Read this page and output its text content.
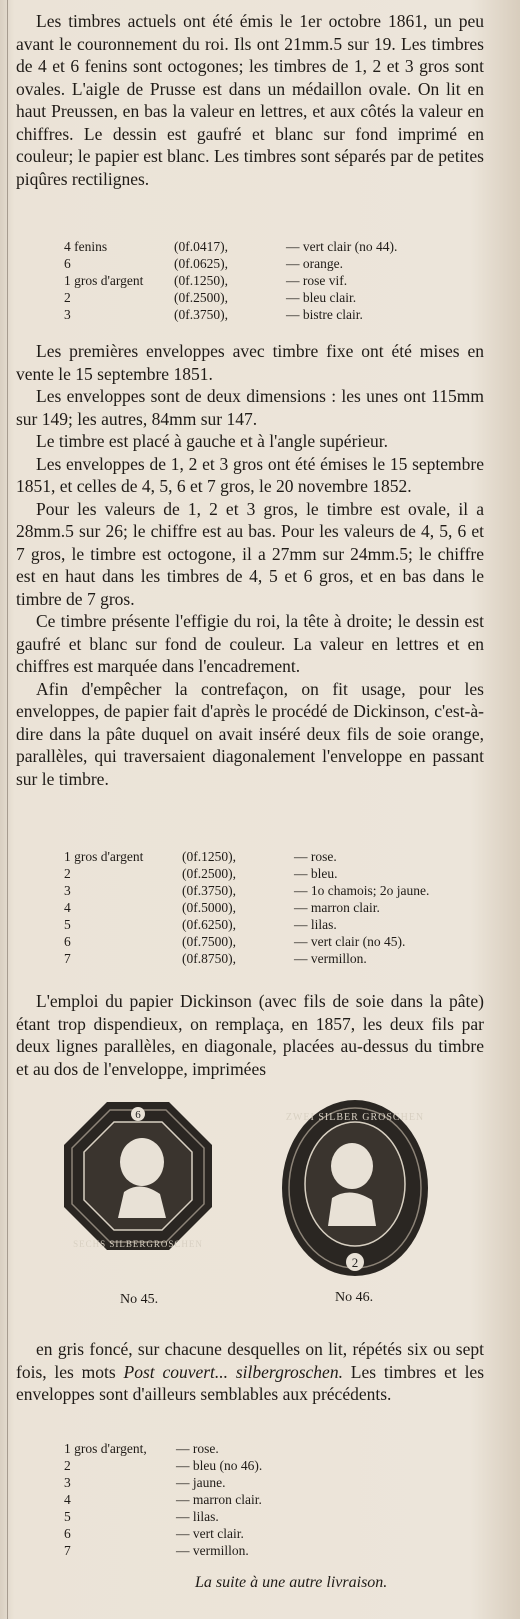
Les timbres actuels ont été émis le 1er octobre 1861, un peu avant le couronnement du roi. Ils ont 21mm.5 sur 19. Les timbres de 4 et 6 fenins sont octogones; les timbres de 1, 2 et 3 gros sont ovales. L'aigle de Prusse est dans un médaillon ovale. On lit en haut Preussen, en bas la valeur en lettres, et aux côtés la valeur en chiffres. Le dessin est gaufré et blanc sur fond imprimé en couleur; le papier est blanc. Les timbres sont séparés par de petites piqûres rectilignes.

4 fenins	(0f.0417),	— vert clair (no 44).
6	(0f.0625),	— orange.
1 gros d'argent	(0f.1250),	— rose vif.
2	(0f.2500),	— bleu clair.
3	(0f.3750),	— bistre clair.

Les premières enveloppes avec timbre fixe ont été mises en vente le 15 septembre 1851.

Les enveloppes sont de deux dimensions : les unes ont 115mm sur 149; les autres, 84mm sur 147.

Le timbre est placé à gauche et à l'angle supérieur.

Les enveloppes de 1, 2 et 3 gros ont été émises le 15 septembre 1851, et celles de 4, 5, 6 et 7 gros, le 20 novembre 1852.

Pour les valeurs de 1, 2 et 3 gros, le timbre est ovale, il a 28mm.5 sur 26; le chiffre est au bas. Pour les valeurs de 4, 5, 6 et 7 gros, le timbre est octogone, il a 27mm sur 24mm.5; le chiffre est en haut dans les timbres de 4, 5 et 6 gros, et en bas dans le timbre de 7 gros.

Ce timbre présente l'effigie du roi, la tête à droite; le dessin est gaufré et blanc sur fond de couleur. La valeur en lettres et en chiffres est marquée dans l'encadrement.

Afin d'empêcher la contrefaçon, on fit usage, pour les enveloppes, de papier fait d'après le procédé de Dickinson, c'est-à-dire dans la pâte duquel on avait inséré deux fils de soie orange, parallèles, qui traversaient diagonalement l'enveloppe en passant sur le timbre.

1 gros d'argent	(0f.1250),	— rose.
2	(0f.2500),	— bleu.
3	(0f.3750),	— 1o chamois; 2o jaune.
4	(0f.5000),	— marron clair.
5	(0f.6250),	— lilas.
6	(0f.7500),	— vert clair (no 45).
7	(0f.8750),	— vermillon.

L'emploi du papier Dickinson (avec fils de soie dans la pâte) étant trop dispendieux, on remplaça, en 1857, les deux fils par deux lignes parallèles, en diagonale, placées au-dessus du timbre et au dos de l'enveloppe, imprimées

6
SECHS SILBERGROSCHEN
No 45.
2
ZWEI SILBER GROSCHEN
No 46.

en gris foncé, sur chacune desquelles on lit, répétés six ou sept fois, les mots Post couvert... silbergroschen. Les timbres et les enveloppes sont d'ailleurs semblables aux précédents.

1 gros d'argent,	— rose.
2	— bleu (no 46).
3	— jaune.
4	— marron clair.
5	— lilas.
6	— vert clair.
7	— vermillon.
La suite à une autre livraison.
